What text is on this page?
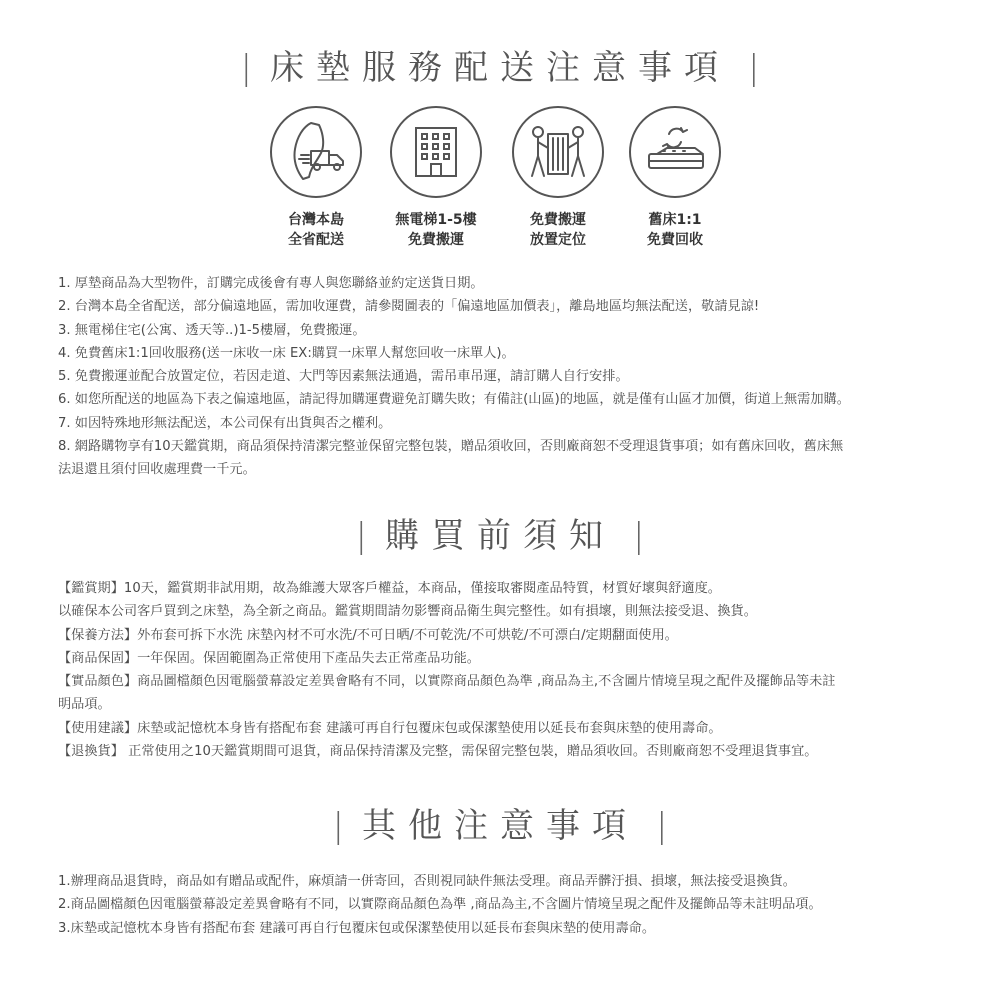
| 床墊服務配送注意事項 |
台灣本島
全省配送
無電梯1-5樓
免費搬運
免費搬運
放置定位
舊床1:1
免費回收
1. 厚墊商品為大型物件，訂購完成後會有專人與您聯絡並約定送貨日期。
2. 台灣本島全省配送，部分偏遠地區，需加收運費，請參閱圖表的「偏遠地區加價表」，離島地區均無法配送，敬請見諒!
3. 無電梯住宅(公寓、透天等..)1-5樓層，免費搬運。
4. 免費舊床1:1回收服務(送一床收一床 EX:購買一床單人幫您回收一床單人)。
5. 免費搬運並配合放置定位，若因走道、大門等因素無法通過，需吊車吊運，請訂購人自行安排。
6. 如您所配送的地區為下表之偏遠地區，請記得加購運費避免訂購失敗；有備註(山區)的地區，就是僅有山區才加價，街道上無需加購。
7. 如因特殊地形無法配送，本公司保有出貨與否之權利。
8. 網路購物享有10天鑑賞期，商品須保持清潔完整並保留完整包裝，贈品須收回，否則廠商恕不受理退貨事項；如有舊床回收，舊床無
法退還且須付回收處理費一千元。
| 購買前須知 |
【鑑賞期】10天，鑑賞期非試用期，故為維護大眾客戶權益，本商品，僅接取審閱產品特質，材質好壞與舒適度。
以確保本公司客戶買到之床墊，為全新之商品。鑑賞期間請勿影響商品衛生與完整性。如有損壞，則無法接受退、換貨。
【保養方法】外布套可拆下水洗 床墊內材不可水洗/不可日晒/不可乾洗/不可烘乾/不可漂白/定期翻面使用。
【商品保固】一年保固。保固範圍為正常使用下產品失去正常產品功能。
【實品顏色】商品圖檔顏色因電腦螢幕設定差異會略有不同，以實際商品顏色為準 ,商品為主,不含圖片情境呈現之配件及擺飾品等未註
明品項。
【使用建議】床墊或記憶枕本身皆有搭配布套 建議可再自行包覆床包或保潔墊使用以延長布套與床墊的使用壽命。
【退換貨】 正常使用之10天鑑賞期間可退貨，商品保持清潔及完整，需保留完整包裝，贈品須收回。否則廠商恕不受理退貨事宜。
| 其他注意事項 |
1.辦理商品退貨時，商品如有贈品或配件，麻煩請一併寄回，否則視同缺件無法受理。商品弄髒汙損、損壞，無法接受退換貨。
2.商品圖檔顏色因電腦螢幕設定差異會略有不同，以實際商品顏色為準 ,商品為主,不含圖片情境呈現之配件及擺飾品等未註明品項。
3.床墊或記憶枕本身皆有搭配布套 建議可再自行包覆床包或保潔墊使用以延長布套與床墊的使用壽命。
